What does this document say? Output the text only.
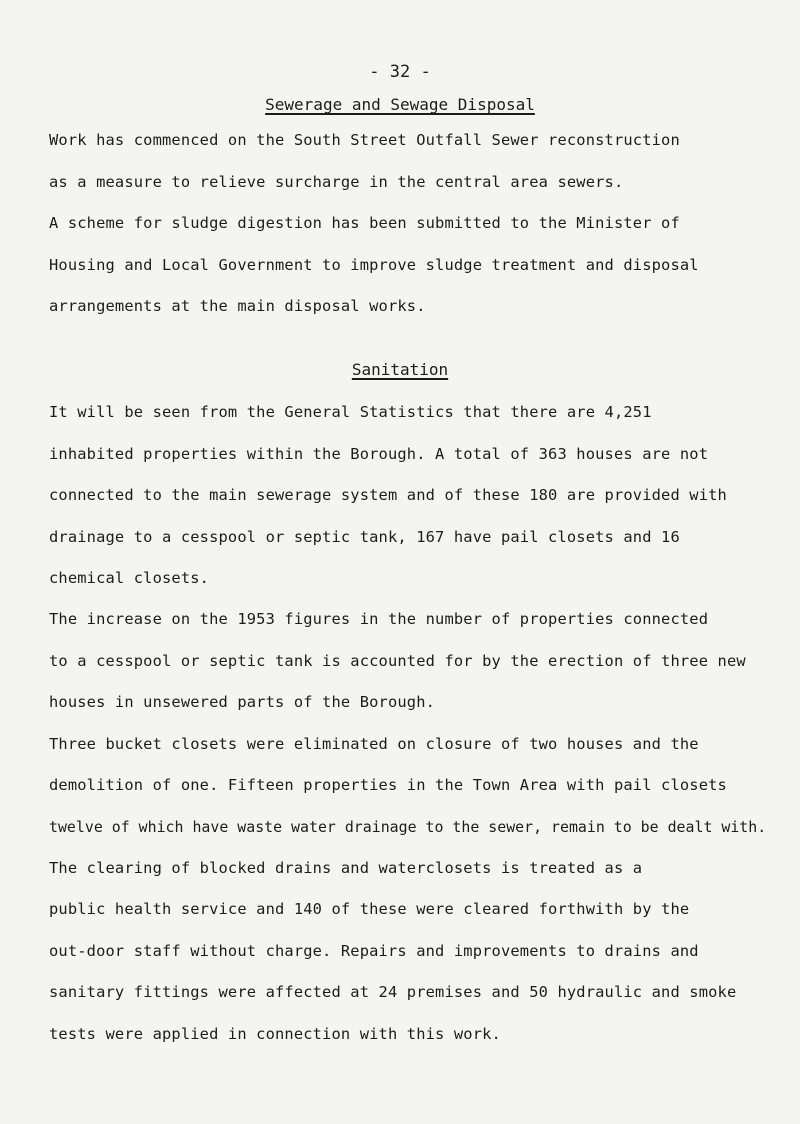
- 32 -
Sewerage and Sewage Disposal
Work has commenced on the South Street Outfall Sewer reconstruction
as a measure to relieve surcharge in the central area sewers.
A scheme for sludge digestion has been submitted to the Minister of
Housing and Local Government to improve sludge treatment and disposal
arrangements at the main disposal works.
Sanitation
It will be seen from the General Statistics that there are 4,251
inhabited properties within the Borough. A total of 363 houses are not
connected to the main sewerage system and of these 180 are provided with
drainage to a cesspool or septic tank, 167 have pail closets and 16
chemical closets.
The increase on the 1953 figures in the number of properties connected
to a cesspool or septic tank is accounted for by the erection of three new
houses in unsewered parts of the Borough.
Three bucket closets were eliminated on closure of two houses and the
demolition of one. Fifteen properties in the Town Area with pail closets
twelve of which have waste water drainage to the sewer, remain to be dealt with.
The clearing of blocked drains and waterclosets is treated as a
public health service and 140 of these were cleared forthwith by the
out-door staff without charge. Repairs and improvements to drains and
sanitary fittings were affected at 24 premises and 50 hydraulic and smoke
tests were applied in connection with this work.
